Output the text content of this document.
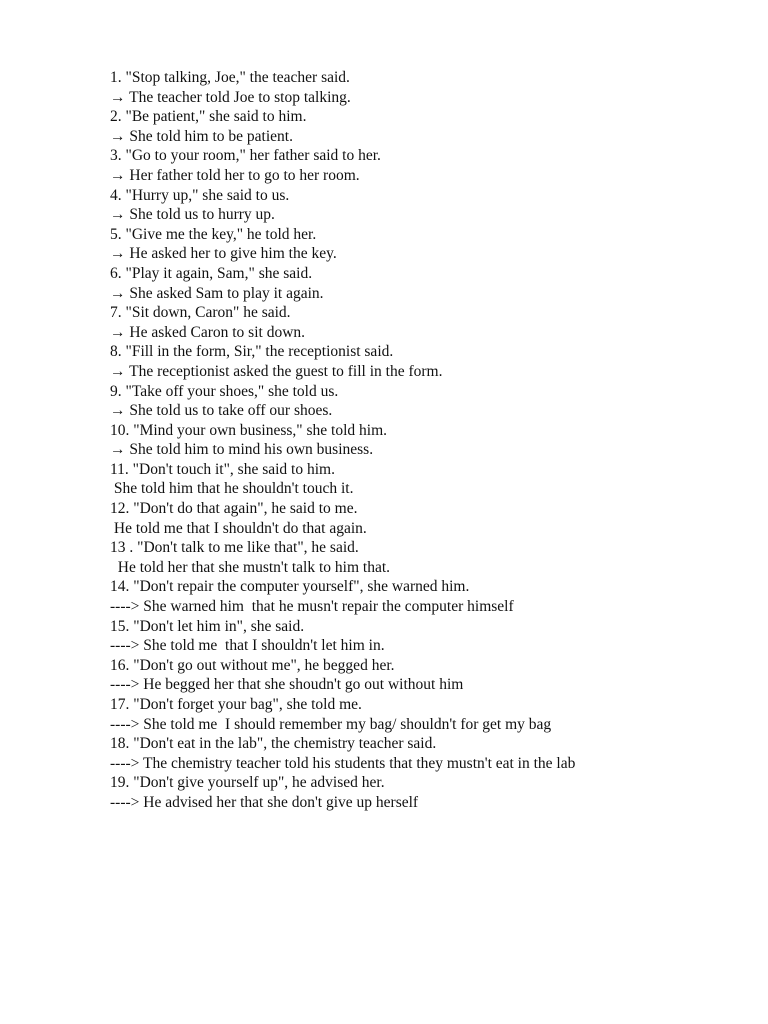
1. "Stop talking, Joe," the teacher said.
→ The teacher told Joe to stop talking.
2. "Be patient," she said to him.
→ She told him to be patient.
3. "Go to your room," her father said to her.
→ Her father told her to go to her room.
4. "Hurry up," she said to us.
→ She told us to hurry up.
5. "Give me the key," he told her.
→ He asked her to give him the key.
6. "Play it again, Sam," she said.
→ She asked Sam to play it again.
7. "Sit down, Caron" he said.
→ He asked Caron to sit down.
8. "Fill in the form, Sir," the receptionist said.
→ The receptionist asked the guest to fill in the form.
9. "Take off your shoes," she told us.
→ She told us to take off our shoes.
10. "Mind your own business," she told him.
→ She told him to mind his own business.
11. "Don't touch it", she said to him.
She told him that he shouldn't touch it.
12. "Don't do that again", he said to me.
He told me that I shouldn't do that again.
13 . "Don't talk to me like that", he said.
He told her that she mustn't talk to him that.
14. "Don't repair the computer yourself", she warned him.
----> She warned him  that he musn't repair the computer himself
15. "Don't let him in", she said.
----> She told me  that I shouldn't let him in.
16. "Don't go out without me", he begged her.
----> He begged her that she shoudn't go out without him
17. "Don't forget your bag", she told me.
----> She told me  I should remember my bag/ shouldn't for get my bag
18. "Don't eat in the lab", the chemistry teacher said.
----> The chemistry teacher told his students that they mustn't eat in the lab
19. "Don't give yourself up", he advised her.
----> He advised her that she don't give up herself
